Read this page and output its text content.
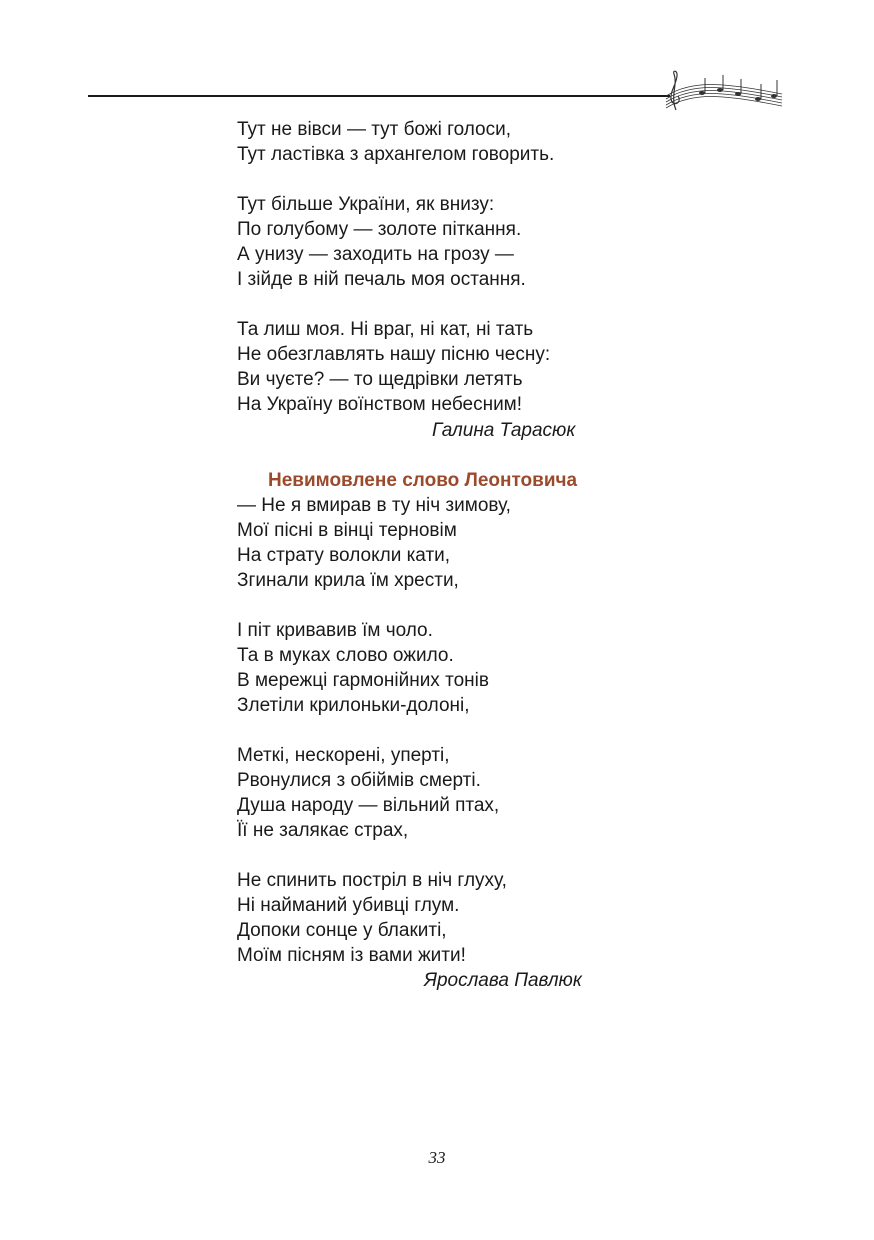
Тут не вівси — тут божі голоси,
Тут ластівка з архангелом говорить.
Тут більше України, як внизу:
По голубому — золоте піткання.
А унизу — заходить на грозу —
І зійде в ній печаль моя остання.
Та лиш моя. Ні враг, ні кат, ні тать
Не обезглавлять нашу пісню чесну:
Ви чуєте? — то щедрівки летять
На Україну воїнством небесним!
Галина Тарасюк
Невимовлене слово Леонтовича
— Не я вмирав в ту ніч зимову,
Мої пісні в вінці терновім
На страту волокли кати,
Згинали крила їм хрести,
І піт кривавив їм чоло.
Та в муках слово ожило.
В мережці гармонійних тонів
Злетіли крилоньки-долоні,
Меткі, нескорені, уперті,
Рвонулися з обіймів смерті.
Душа народу — вільний птах,
Її не залякає страх,
Не спинить постріл в ніч глуху,
Ні найманий убивці глум.
Допоки сонце у блакиті,
Моїм пісням із вами жити!
Ярослава Павлюк
33
